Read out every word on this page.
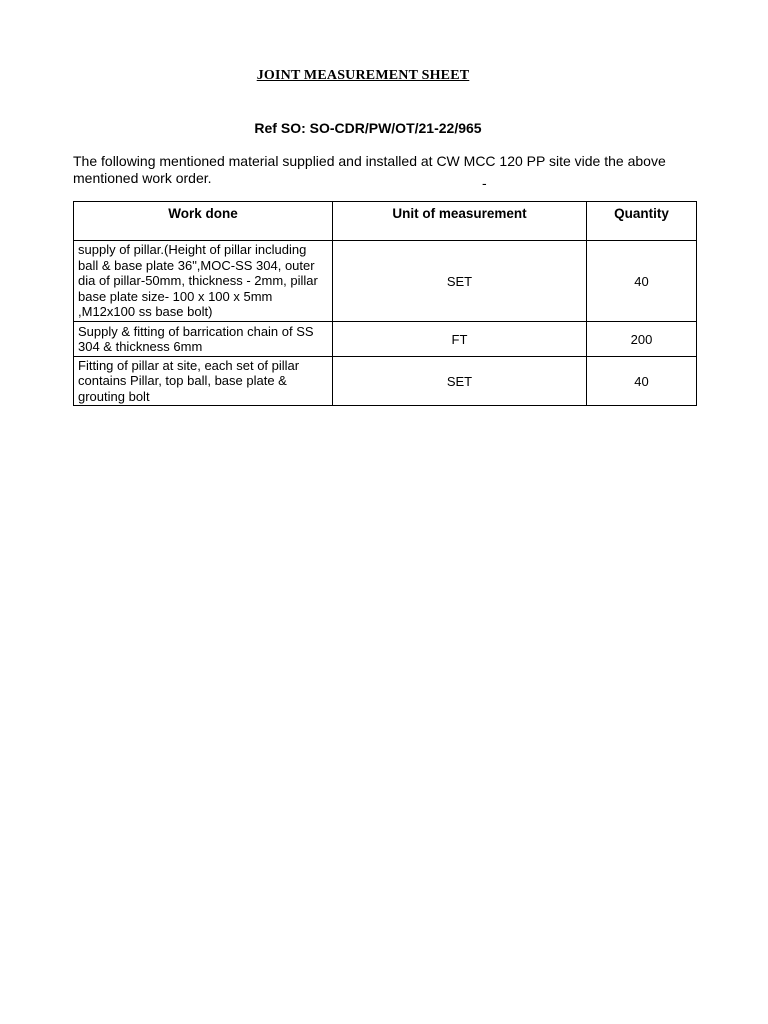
JOINT MEASUREMENT SHEET
Ref SO: SO-CDR/PW/OT/21-22/965
The following mentioned material supplied and installed at CW MCC 120 PP site vide the above mentioned work order.	-
Work done	Unit of measurement	Quantity
supply of pillar.(Height of pillar including ball & base plate 36",MOC-SS 304, outer dia of pillar-50mm, thickness - 2mm, pillar base plate size- 100 x 100 x 5mm ,M12x100 ss base bolt)	SET	40
Supply & fitting of barrication chain of SS 304 & thickness 6mm	FT	200
Fitting of pillar at site, each set of pillar contains Pillar, top ball, base plate & grouting bolt	SET	40
